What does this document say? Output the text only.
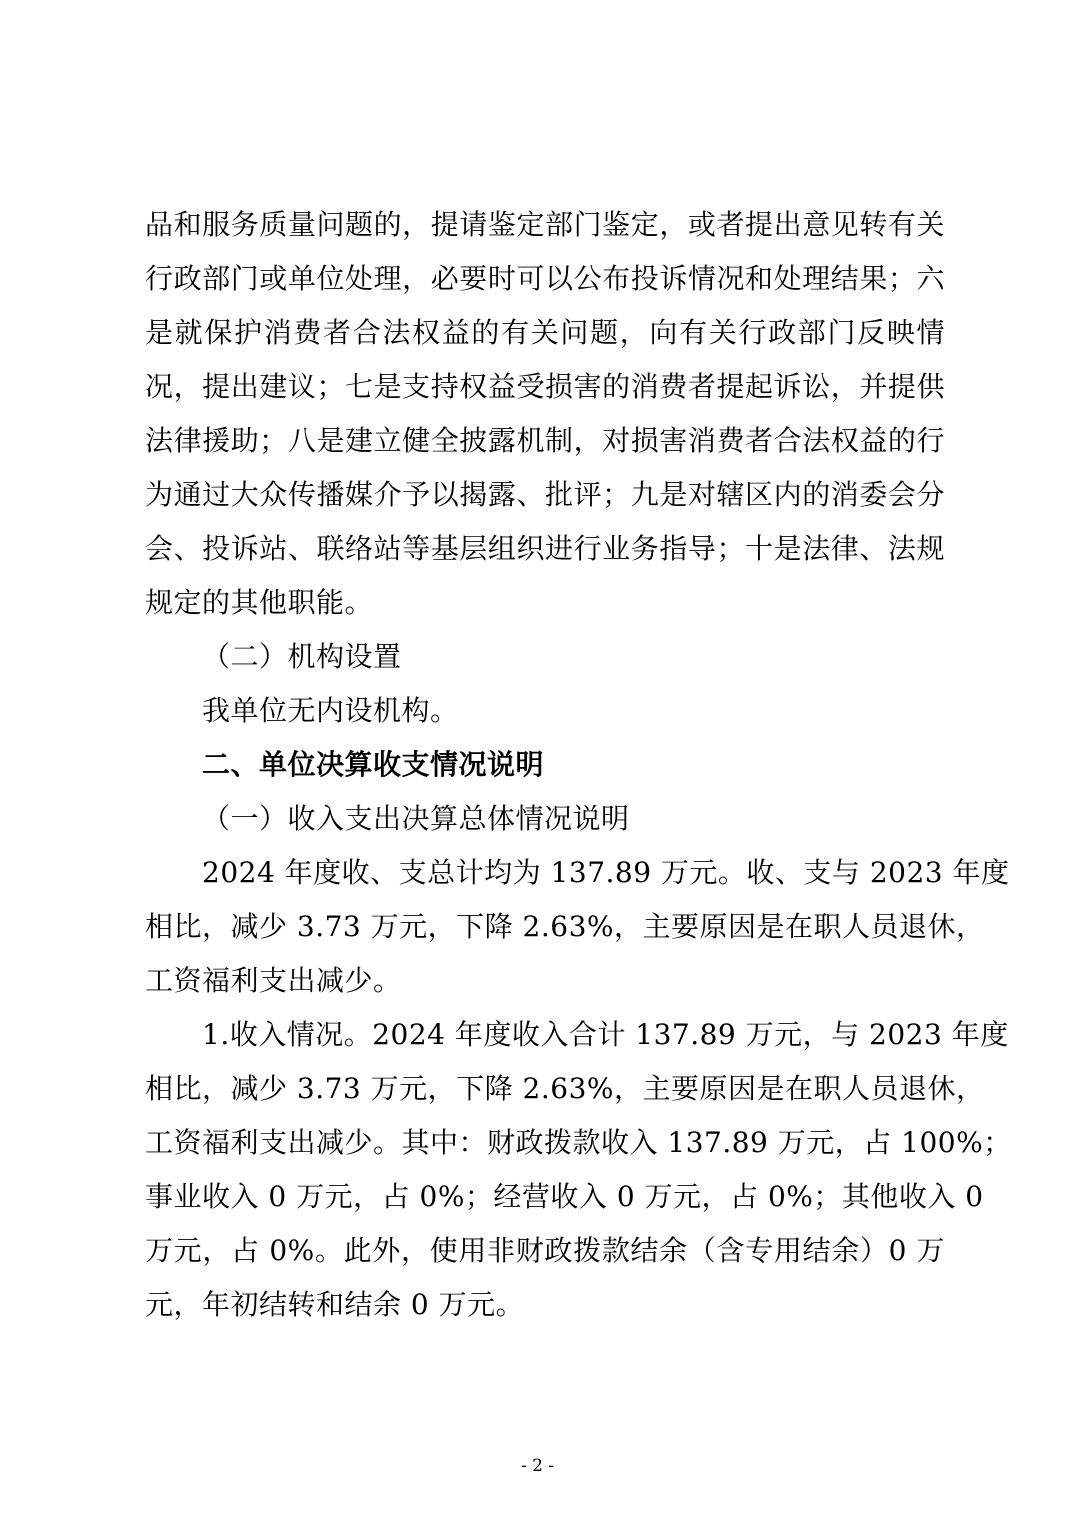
品和服务质量问题的，提请鉴定部门鉴定，或者提出意见转有关
行政部门或单位处理，必要时可以公布投诉情况和处理结果；六
是就保护消费者合法权益的有关问题，向有关行政部门反映情
况，提出建议；七是支持权益受损害的消费者提起诉讼，并提供
法律援助；八是建立健全披露机制，对损害消费者合法权益的行
为通过大众传播媒介予以揭露、批评；九是对辖区内的消委会分
会、投诉站、联络站等基层组织进行业务指导；十是法律、法规
规定的其他职能。
（二）机构设置
我单位无内设机构。
二、单位决算收支情况说明
（一）收入支出决算总体情况说明
2024 年度收、支总计均为 137.89 万元。收、支与 2023 年度
相比，减少 3.73 万元，下降 2.63%，主要原因是在职人员退休，
工资福利支出减少。
1.收入情况。2024 年度收入合计 137.89 万元，与 2023 年度
相比，减少 3.73 万元，下降 2.63%，主要原因是在职人员退休，
工资福利支出减少。其中：财政拨款收入 137.89 万元，占 100%；
事业收入 0 万元，占 0%；经营收入 0 万元，占 0%；其他收入 0
万元，占 0%。此外，使用非财政拨款结余（含专用结余）0 万
元，年初结转和结余 0 万元。
- 2 -
